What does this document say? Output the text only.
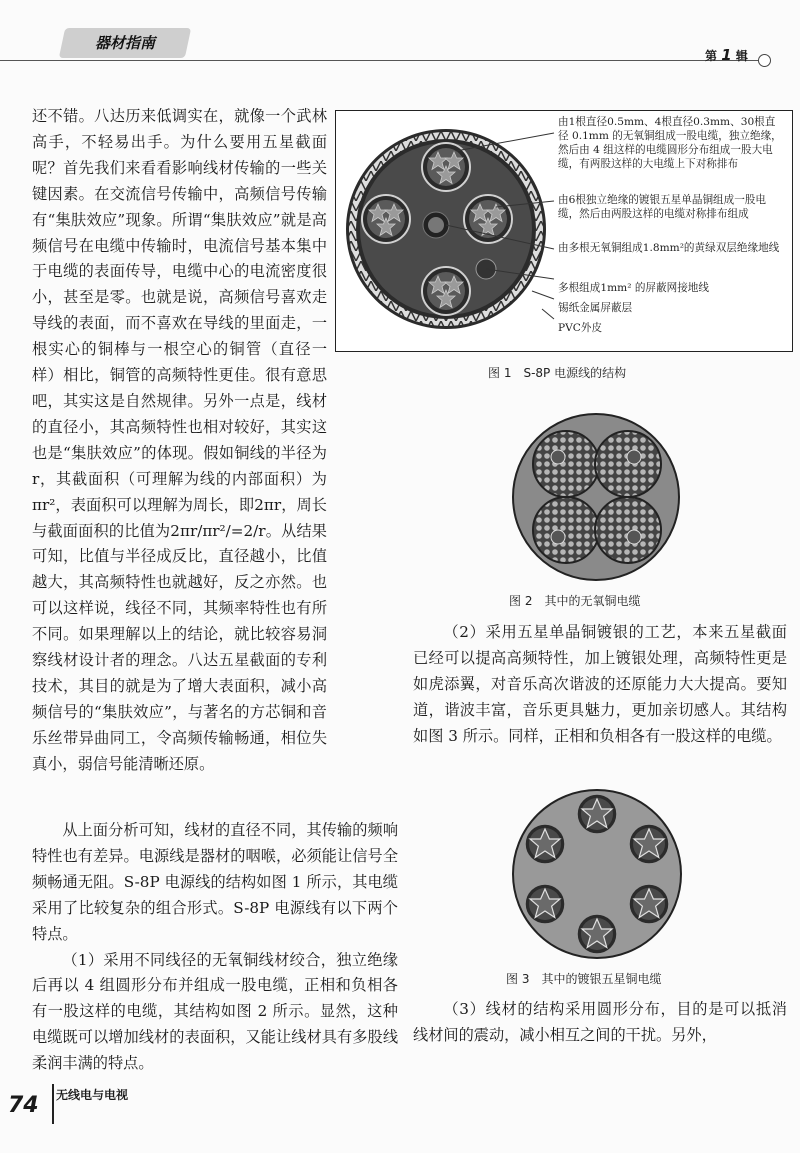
器材指南
第 1 辑

还不错。八达历来低调实在，就像一个武林高手，不轻易出手。为什么要用五星截面呢？首先我们来看看影响线材传输的一些关键因素。在交流信号传输中，高频信号传输有“集肤效应”现象。所谓“集肤效应”就是高频信号在电缆中传输时，电流信号基本集中于电缆的表面传导，电缆中心的电流密度很小，甚至是零。也就是说，高频信号喜欢走导线的表面，而不喜欢在导线的里面走，一根实心的铜棒与一根空心的铜管（直径一样）相比，铜管的高频特性更佳。很有意思吧，其实这是自然规律。另外一点是，线材的直径小，其高频特性也相对较好，其实这也是“集肤效应”的体现。假如铜线的半径为r，其截面积（可理解为线的内部面积）为 πr²，表面积可以理解为周长，即2πr，周长与截面面积的比值为2πr/πr²/=2/r。从结果可知，比值与半径成反比，直径越小，比值越大，其高频特性也就越好，反之亦然。也可以这样说，线径不同，其频率特性也有所不同。如果理解以上的结论，就比较容易洞察线材设计者的理念。八达五星截面的专利技术，其目的就是为了增大表面积，减小高频信号的“集肤效应”，与著名的方芯铜和音乐丝带异曲同工，令高频传输畅通，相位失真小，弱信号能清晰还原。

从上面分析可知，线材的直径不同，其传输的频响特性也有差异。电源线是器材的咽喉，必须能让信号全频畅通无阻。S-8P 电源线的结构如图 1 所示，其电缆采用了比较复杂的组合形式。S-8P 电源线有以下两个特点。

（1）采用不同线径的无氧铜线材绞合，独立绝缘后再以 4 组圆形分布并组成一股电缆，正相和负相各有一股这样的电缆，其结构如图 2 所示。显然，这种电缆既可以增加线材的表面积，又能让线材具有多股线柔润丰满的特点。

由1根直径0.5mm、4根直径0.3mm、30根直径 0.1mm 的无氧铜组成一股电缆，独立绝缘，然后由 4 组这样的电缆圆形分布组成一股大电缆，有两股这样的大电缆上下对称排布
由6根独立绝缘的镀银五星单晶铜组成一股电缆，然后由两股这样的电缆对称排布组成
由多根无氧铜组成1.8mm²的黄绿双层绝缘地线
多根组成1mm² 的屏蔽网接地线
锡纸金属屏蔽层
PVC外皮
图 1　S-8P 电源线的结构
图 2　其中的无氧铜电缆

（2）采用五星单晶铜镀银的工艺，本来五星截面已经可以提高高频特性，加上镀银处理，高频特性更是如虎添翼，对音乐高次谐波的还原能力大大提高。要知道，谐波丰富，音乐更具魅力，更加亲切感人。其结构如图 3 所示。同样，正相和负相各有一股这样的电缆。

图 3　其中的镀银五星铜电缆

（3）线材的结构采用圆形分布，目的是可以抵消线材间的震动，减小相互之间的干扰。另外，

74 无线电与电视
